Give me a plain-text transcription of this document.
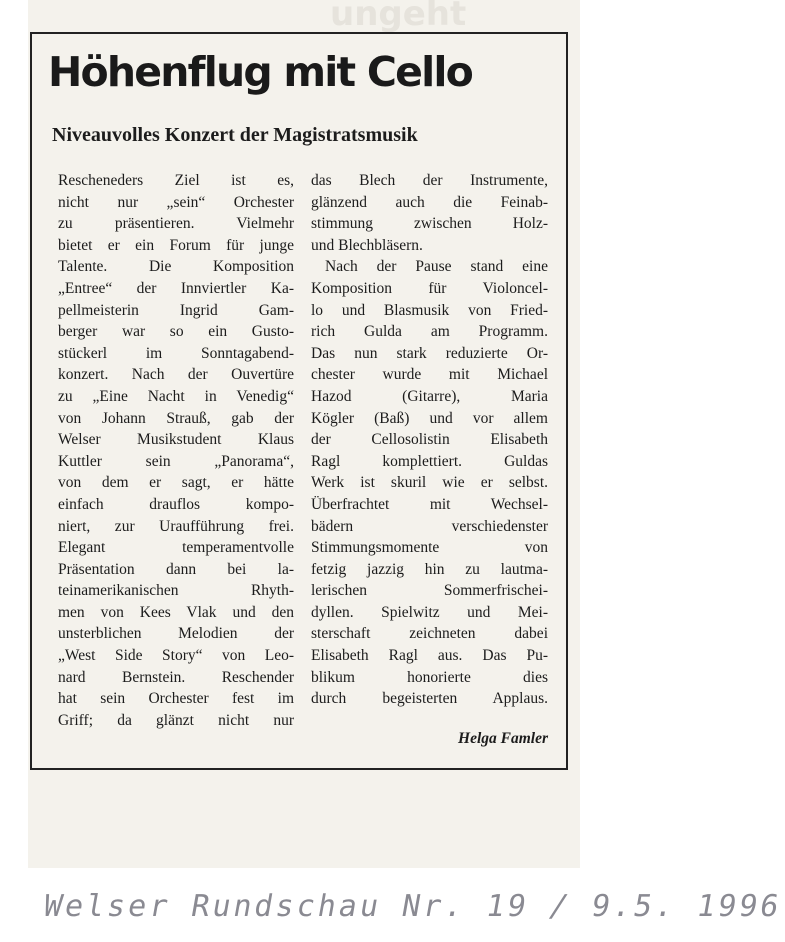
ungeht
Höhenflug mit Cello
Niveauvolles Konzert der Magistratsmusik
Rescheneders Ziel ist es,
nicht nur „sein“ Orchester
zu präsentieren. Vielmehr
bietet er ein Forum für junge
Talente. Die Komposition
„Entree“ der Innviertler Ka-
pellmeisterin Ingrid Gam-
berger war so ein Gusto-
stückerl im Sonntagabend-
konzert. Nach der Ouvertüre
zu „Eine Nacht in Venedig“
von Johann Strauß, gab der
Welser Musikstudent Klaus
Kuttler sein „Panorama“,
von dem er sagt, er hätte
einfach drauflos kompo-
niert, zur Uraufführung frei.
Elegant temperamentvolle
Präsentation dann bei la-
teinamerikanischen Rhyth-
men von Kees Vlak und den
unsterblichen Melodien der
„West Side Story“ von Leo-
nard Bernstein. Reschender
hat sein Orchester fest im
Griff; da glänzt nicht nur
das Blech der Instrumente,
glänzend auch die Feinab-
stimmung zwischen Holz-
und Blechbläsern.
Nach der Pause stand eine
Komposition für Violoncel-
lo und Blasmusik von Fried-
rich Gulda am Programm.
Das nun stark reduzierte Or-
chester wurde mit Michael
Hazod (Gitarre), Maria
Kögler (Baß) und vor allem
der Cellosolistin Elisabeth
Ragl komplettiert. Guldas
Werk ist skuril wie er selbst.
Überfrachtet mit Wechsel-
bädern verschiedenster
Stimmungsmomente von
fetzig jazzig hin zu lautma-
lerischen Sommerfrischei-
dyllen. Spielwitz und Mei-
sterschaft zeichneten dabei
Elisabeth Ragl aus. Das Pu-
blikum honorierte dies
durch begeisterten Applaus.

Helga Famler

Welser Rundschau Nr. 19 / 9.5. 1996
